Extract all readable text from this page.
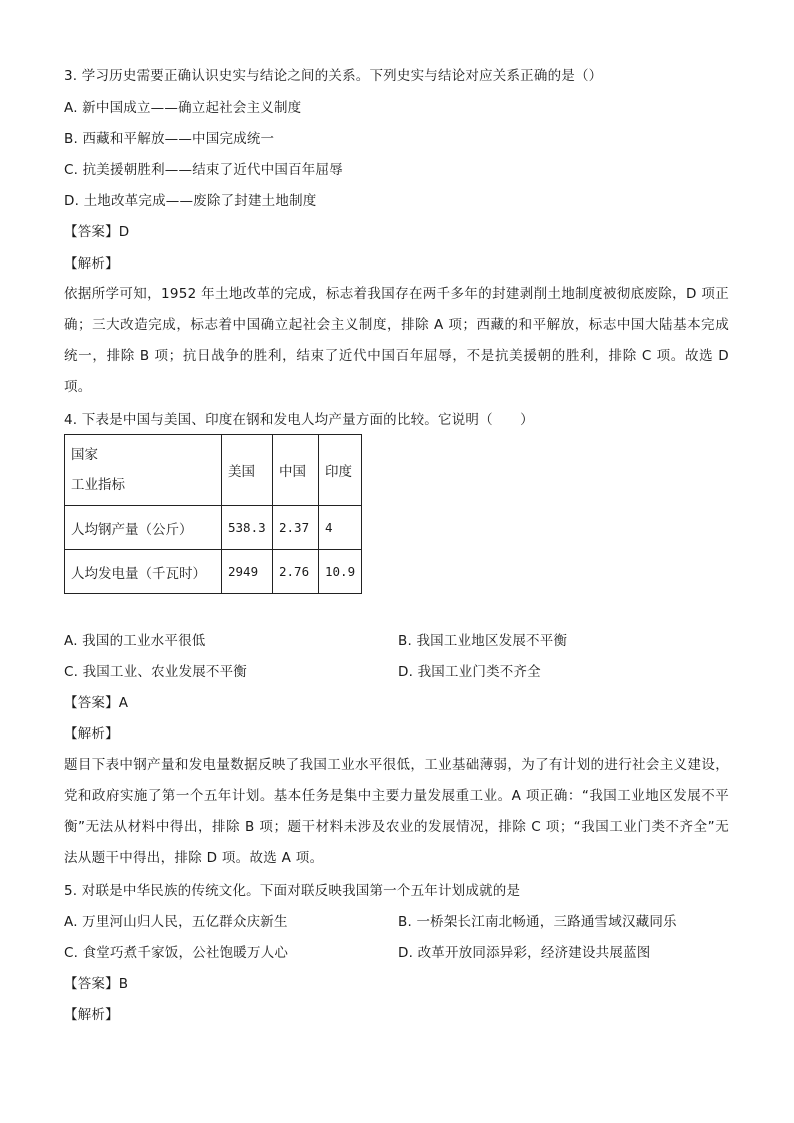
3. 学习历史需要正确认识史实与结论之间的关系。下列史实与结论对应关系正确的是（）
A. 新中国成立——确立起社会主义制度
B. 西藏和平解放——中国完成统一
C. 抗美援朝胜利——结束了近代中国百年屈辱
D. 土地改革完成——废除了封建土地制度
【答案】D
【解析】
依据所学可知，1952 年土地改革的完成，标志着我国存在两千多年的封建剥削土地制度被彻底废除，D 项正确；三大改造完成，标志着中国确立起社会主义制度，排除 A 项；西藏的和平解放，标志中国大陆基本完成统一，排除 B 项；抗日战争的胜利，结束了近代中国百年屈辱，不是抗美援朝的胜利，排除 C 项。故选 D 项。
4. 下表是中国与美国、印度在钢和发电人均产量方面的比较。它说明（　　）
国家
工业指标	美国	中国	印度
人均钢产量（公斤）	538.3	2.37	4
人均发电量（千瓦时）	2949	2.76	10.9
A. 我国的工业水平很低	B. 我国工业地区发展不平衡
C. 我国工业、农业发展不平衡	D. 我国工业门类不齐全
【答案】A
【解析】
题目下表中钢产量和发电量数据反映了我国工业水平很低，工业基础薄弱，为了有计划的进行社会主义建设，党和政府实施了第一个五年计划。基本任务是集中主要力量发展重工业。A 项正确：“我国工业地区发展不平衡”无法从材料中得出，排除 B 项；题干材料未涉及农业的发展情况，排除 C 项；“我国工业门类不齐全”无法从题干中得出，排除 D 项。故选 A 项。
5. 对联是中华民族的传统文化。下面对联反映我国第一个五年计划成就的是
A. 万里河山归人民，五亿群众庆新生	B. 一桥架长江南北畅通，三路通雪域汉藏同乐
C. 食堂巧煮千家饭，公社饱暖万人心	D. 改革开放同添异彩，经济建设共展蓝图
【答案】B
【解析】
